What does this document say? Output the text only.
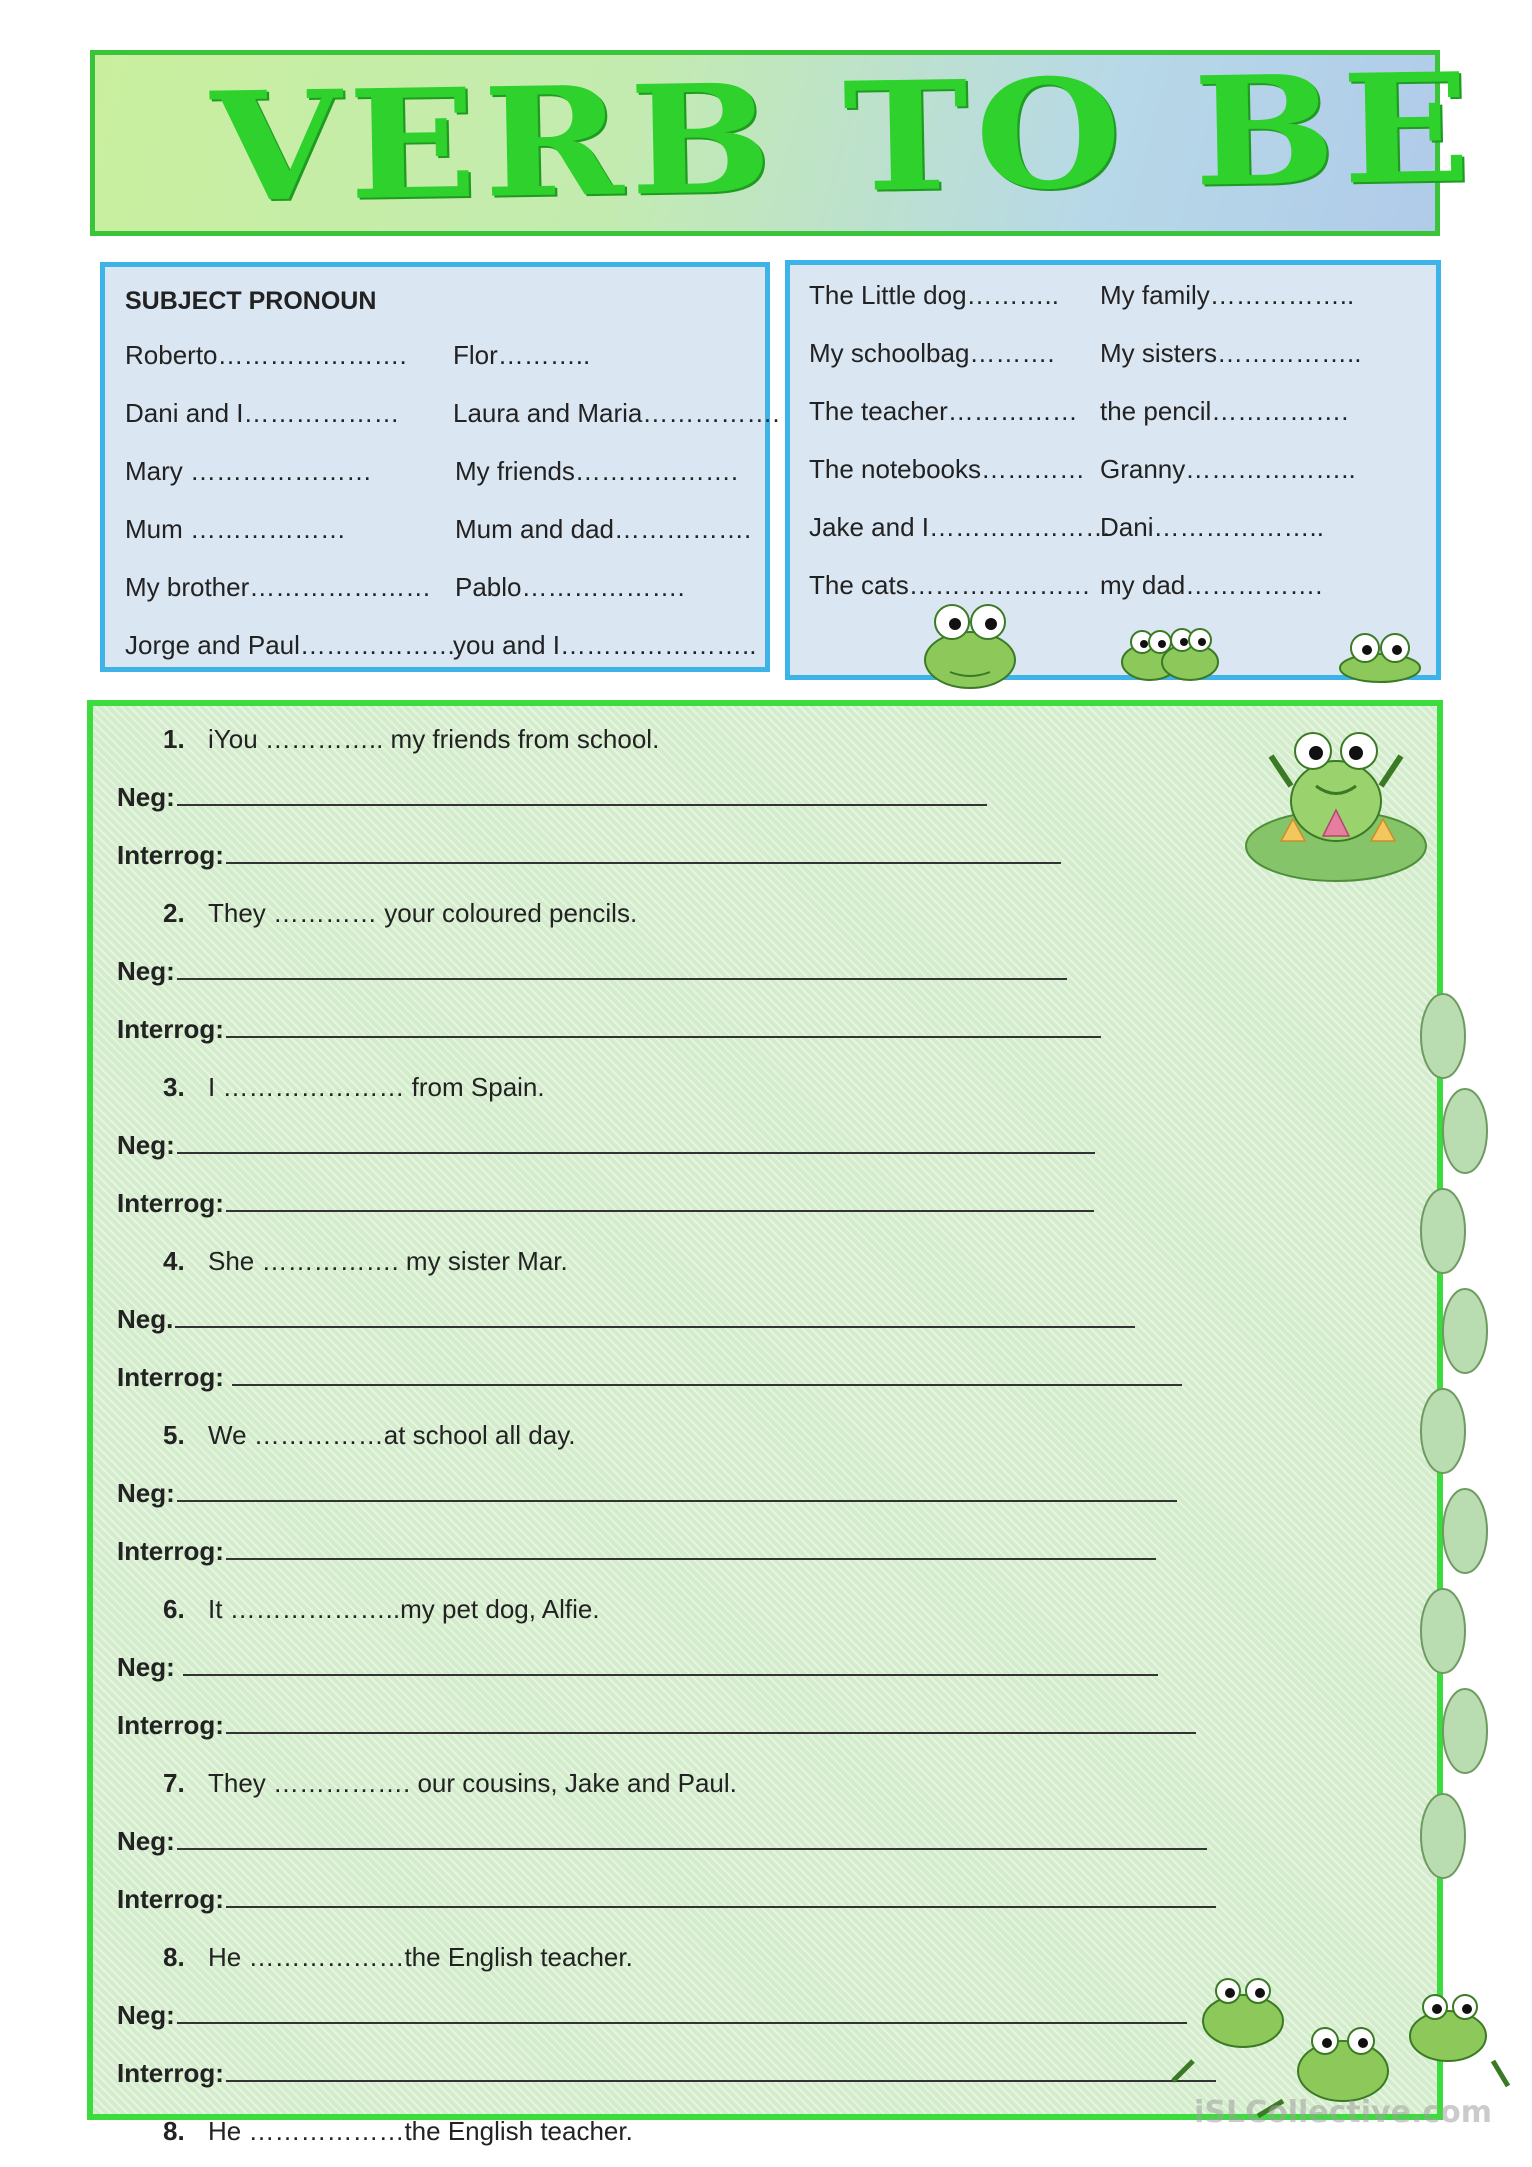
VERB TO BE
SUBJECT PRONOUN
Roberto………………….
Dani and I………………
Mary …………………
Mum ………………
My brother…………………
Jorge and Paul……………….
Flor………..
Laura and Maria…………….
My friends……………….
Mum and dad…………….
Pablo……………….
you and I…………………..
The Little dog………..
My schoolbag……….
The teacher……………
The notebooks…………
Jake and I…………………
The cats…………………
My family……………..
My sisters……………..
the pencil…………….
Granny………………..
Dani………………..
my dad…………….
1. iYou ………….. my friends from school.
Neg:
Interrog:
2. They ………… your coloured pencils.
Neg:
Interrog:
3. I ………………… from Spain.
Neg:
Interrog:
4. She ……………. my sister Mar.
Neg.
Interrog:
5. We ……………at school all day.
Neg:
Interrog:
6. It ………………..my pet dog, Alfie.
Neg:
Interrog:
7. They ……………. our cousins, Jake and Paul.
Neg:
Interrog:
8. He ………………the English teacher.
Neg:
Interrog:
8. He ………………the English teacher.
iSLCollective.com
